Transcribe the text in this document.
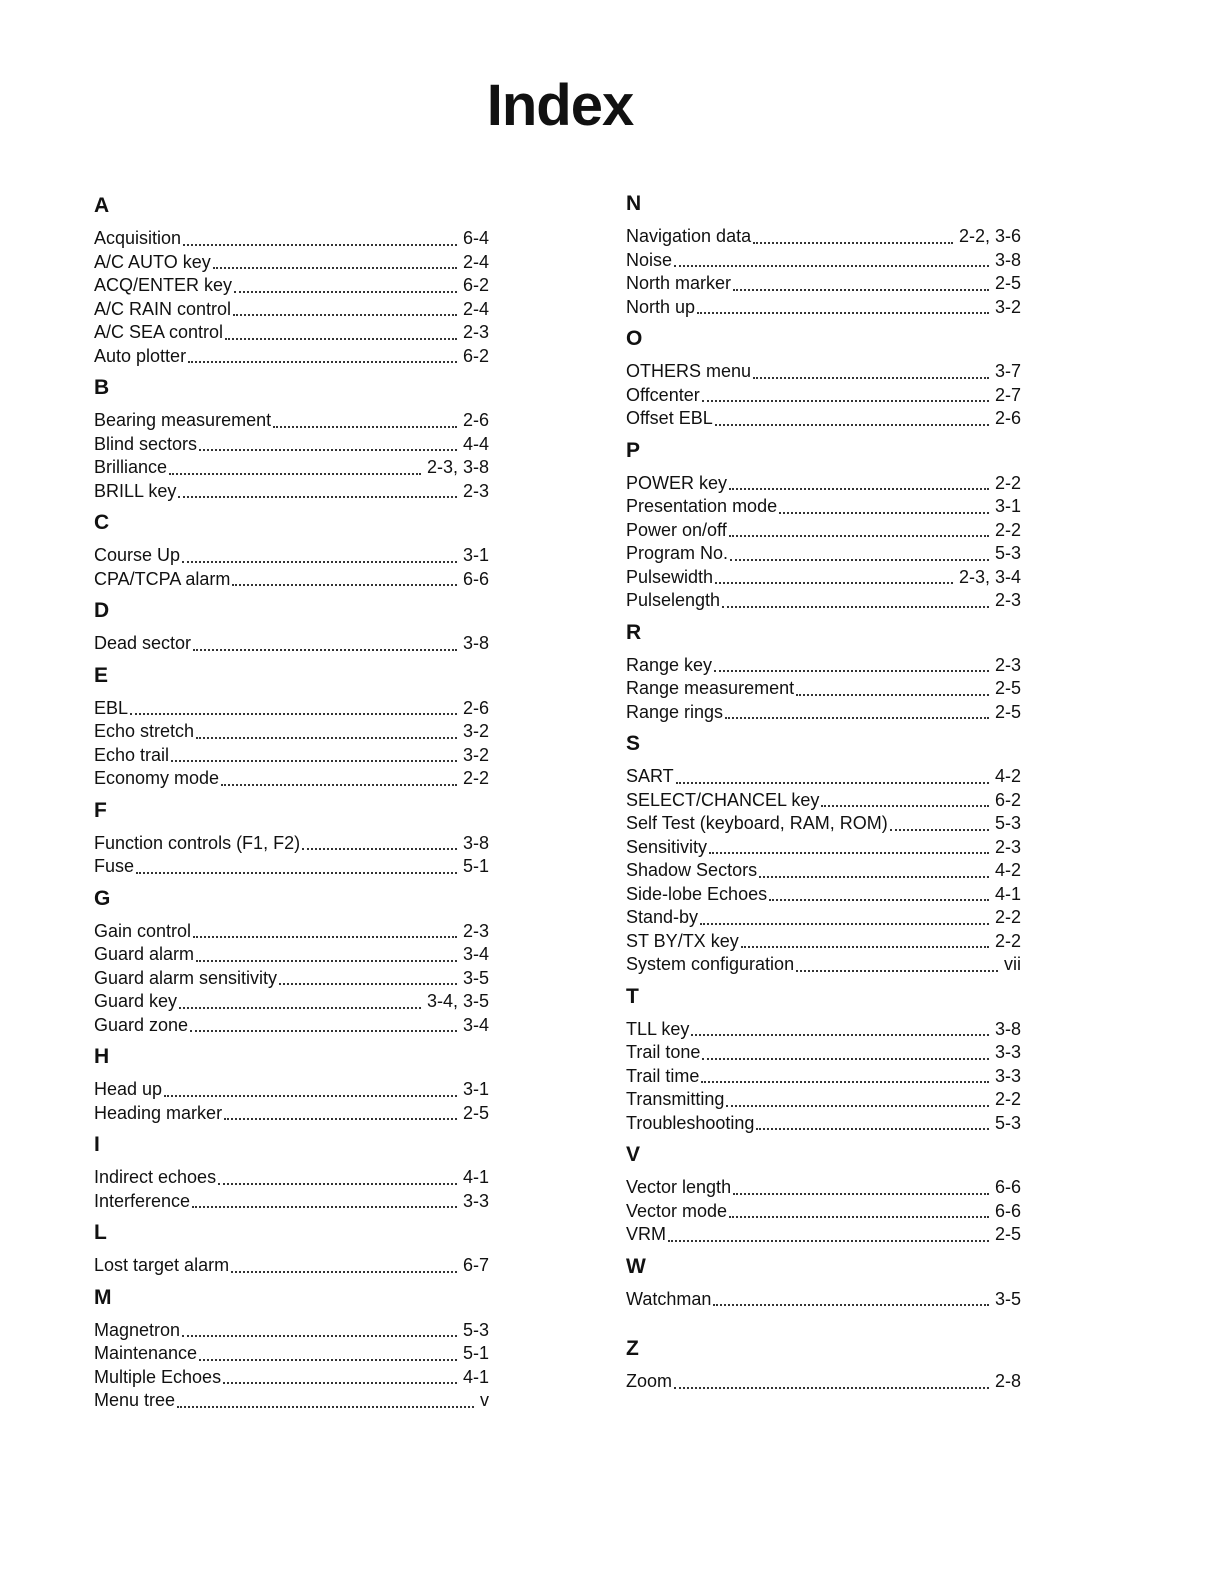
Index
A
Acquisition	6-4
A/C AUTO key	2-4
ACQ/ENTER key	6-2
A/C RAIN control	2-4
A/C SEA control	2-3
Auto plotter	6-2
B
Bearing measurement	2-6
Blind sectors	4-4
Brilliance	2-3, 3-8
BRILL key	2-3
C
Course Up	3-1
CPA/TCPA alarm	6-6
D
Dead sector	3-8
E
EBL	2-6
Echo stretch	3-2
Echo trail	3-2
Economy mode	2-2
F
Function controls (F1, F2)	3-8
Fuse	5-1
G
Gain control	2-3
Guard alarm	3-4
Guard alarm sensitivity	3-5
Guard key	3-4, 3-5
Guard zone	3-4
H
Head up	3-1
Heading marker	2-5
I
Indirect echoes	4-1
Interference	3-3
L
Lost target alarm	6-7
M
Magnetron	5-3
Maintenance	5-1
Multiple Echoes	4-1
Menu tree	v
N
Navigation data	2-2, 3-6
Noise	3-8
North marker	2-5
North up	3-2
O
OTHERS menu	3-7
Offcenter	2-7
Offset EBL	2-6
P
POWER key	2-2
Presentation mode	3-1
Power on/off	2-2
Program No.	5-3
Pulsewidth	2-3, 3-4
Pulselength	2-3
R
Range key	2-3
Range measurement	2-5
Range rings	2-5
S
SART	4-2
SELECT/CHANCEL key	6-2
Self Test (keyboard, RAM, ROM)	5-3
Sensitivity	2-3
Shadow Sectors	4-2
Side-lobe Echoes	4-1
Stand-by	2-2
ST BY/TX key	2-2
System configuration	vii
T
TLL key	3-8
Trail tone	3-3
Trail time	3-3
Transmitting	2-2
Troubleshooting	5-3
V
Vector length	6-6
Vector mode	6-6
VRM	2-5
W
Watchman	3-5
Z
Zoom	2-8
